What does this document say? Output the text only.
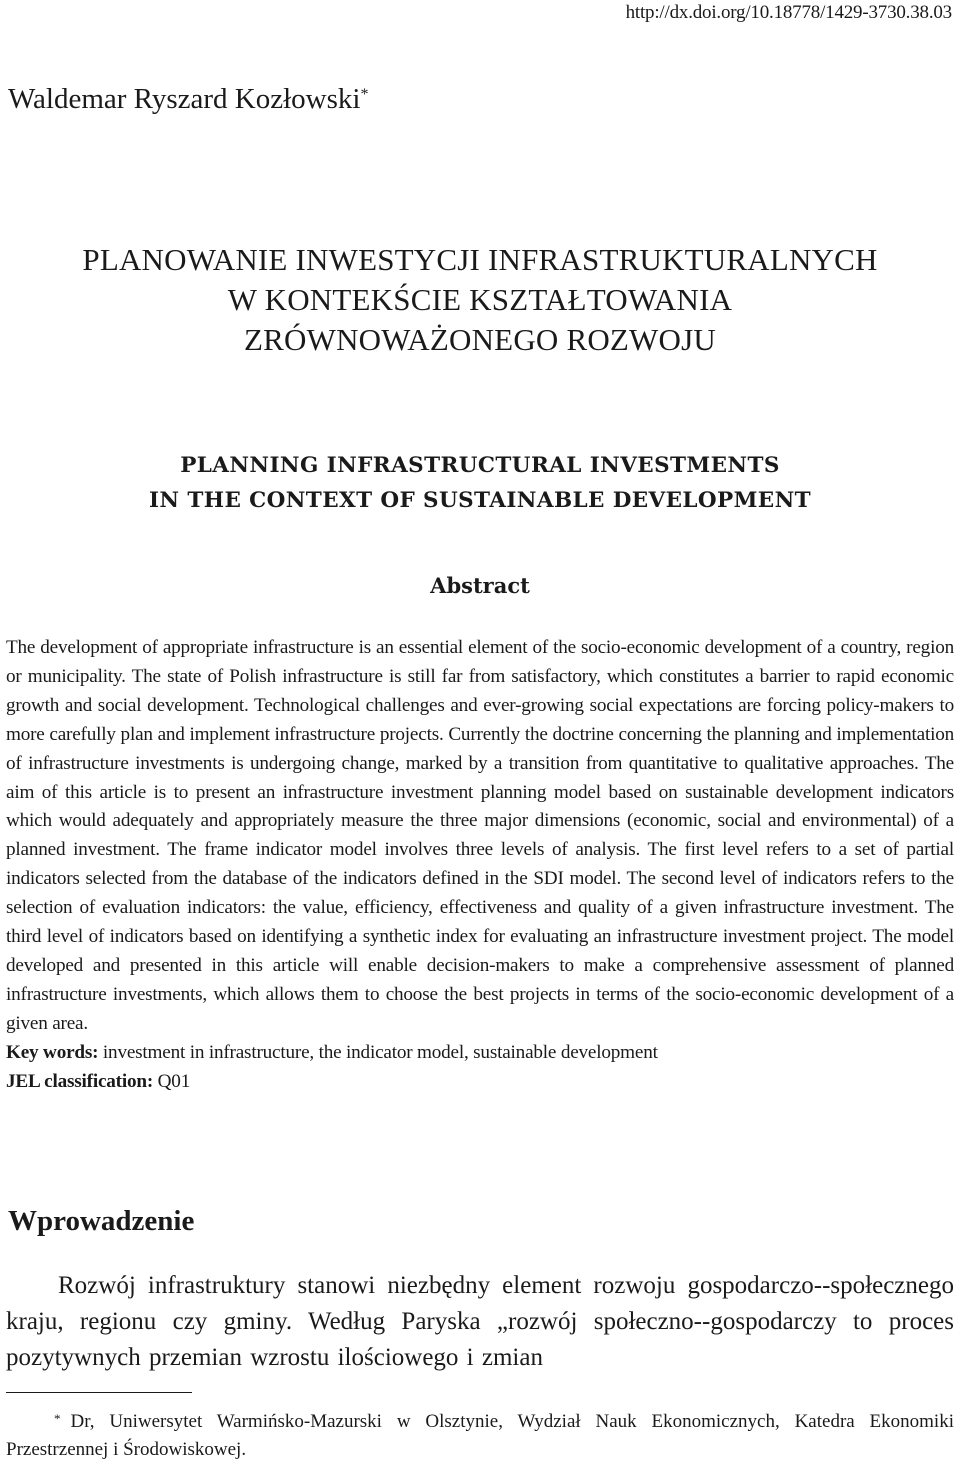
http://dx.doi.org/10.18778/1429-3730.38.03
Waldemar Ryszard Kozłowski*
PLANOWANIE INWESTYCJI INFRASTRUKTURALNYCH
W KONTEKŚCIE KSZTAŁTOWANIA
ZRÓWNOWAŻONEGO ROZWOJU
PLANNING INFRASTRUCTURAL INVESTMENTS
IN THE CONTEXT OF SUSTAINABLE DEVELOPMENT
Abstract

The development of appropriate infrastructure is an essential element of the socio-economic development of a country, region or municipality. The state of Polish infrastructure is still far from satisfactory, which constitutes a barrier to rapid economic growth and social development. Technological challenges and ever-growing social expectations are forcing policy-makers to more carefully plan and implement infrastructure projects. Currently the doctrine concerning the planning and implementation of infrastructure investments is undergoing change, marked by a transition from quantitative to qualitative approaches. The aim of this article is to present an infrastructure investment planning model based on sustainable development indicators which would adequately and appropriately measure the three major dimensions (economic, social and environmental) of a planned investment. The frame indicator model involves three levels of analysis. The first level refers to a set of partial indicators selected from the database of the indicators defined in the SDI model. The second level of indicators refers to the selection of evaluation indicators: the value, efficiency, effectiveness and quality of a given infrastructure investment. The third level of indicators based on identifying a synthetic index for evaluating an infrastructure investment project. The model developed and presented in this article will enable decision-makers to make a comprehensive assessment of planned infrastructure investments, which allows them to choose the best projects in terms of the socio-economic development of a given area.

Key words: investment in infrastructure, the indicator model, sustainable development

JEL classification: Q01

Wprowadzenie

Rozwój infrastruktury stanowi niezbędny element rozwoju gospodarczo--społecznego kraju, regionu czy gminy. Według Paryska „rozwój społeczno--gospodarczy to proces pozytywnych przemian wzrostu ilościowego i zmian

* Dr, Uniwersytet Warmińsko-Mazurski w Olsztynie, Wydział Nauk Ekonomicznych, Katedra Ekonomiki Przestrzennej i Środowiskowej.
